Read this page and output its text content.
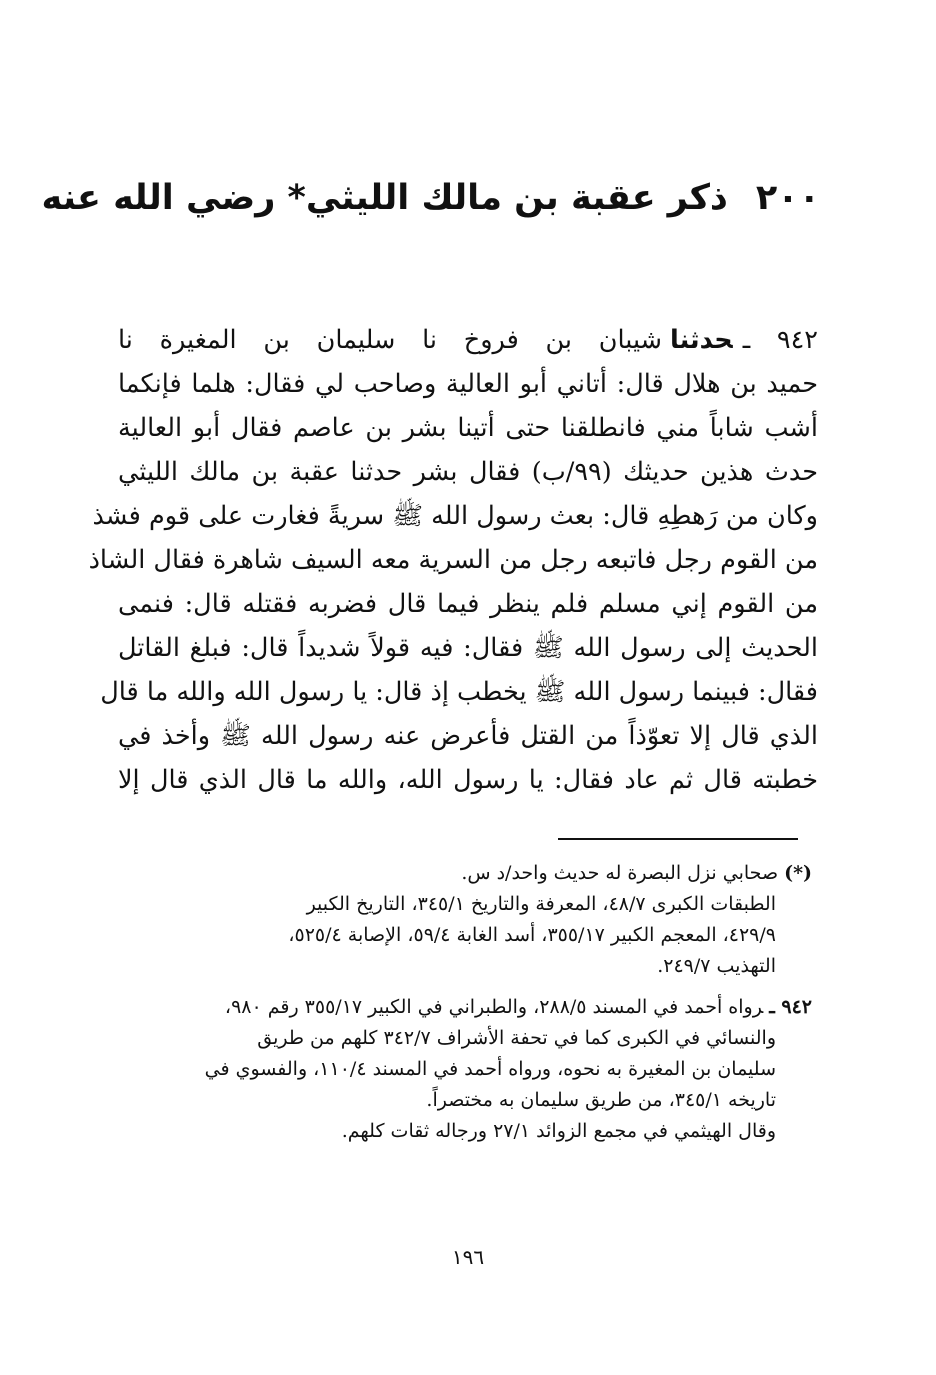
٢٠٠ذكر عقبة بن مالك الليثي* رضي الله عنه
٩٤٢ ـحدثناشيبان بن فروخ نا سليمان بن المغيرة نا
حميد بن هلال قال: أتاني أبو العالية وصاحب لي فقال: هلما فإنكما
أشب شاباً مني فانطلقنا حتى أتينا بشر بن عاصم فقال أبو العالية
حدث هذين حديثك (٩٩/ب) فقال بشر حدثنا عقبة بن مالك الليثي
وكان من رَهطِهِ قال: بعث رسول الله ﷺ سريةً فغارت على قوم فشذ
من القوم رجل فاتبعه رجل من السرية معه السيف شاهرة فقال الشاذ
من القوم إني مسلم فلم ينظر فيما قال فضربه فقتله قال: فنمى
الحديث إلى رسول الله ﷺ فقال: فيه قولاً شديداً قال: فبلغ القاتل
فقال: فبينما رسول الله ﷺ يخطب إذ قال: يا رسول الله والله ما قال
الذي قال إلا تعوّذاً من القتل فأعرض عنه رسول الله ﷺ وأخذ في
خطبته قال ثم عاد فقال: يا رسول الله، والله ما قال الذي قال إلا
(*)صحابي نزل البصرة له حديث واحد/د س.
الطبقات الكبرى ٤٨/٧، المعرفة والتاريخ ٣٤٥/١، التاريخ الكبير
٤٢٩/٩، المعجم الكبير ٣٥٥/١٧، أسد الغابة ٥٩/٤، الإصابة ٥٢٥/٤،
التهذيب ٢٤٩/٧.
٩٤٢ ـرواه أحمد في المسند ٢٨٨/٥، والطبراني في الكبير ٣٥٥/١٧ رقم ٩٨٠،
والنسائي في الكبرى كما في تحفة الأشراف ٣٤٢/٧ كلهم من طريق
سليمان بن المغيرة به نحوه، ورواه أحمد في المسند ١١٠/٤، والفسوي في
تاريخه ٣٤٥/١، من طريق سليمان به مختصراً.
وقال الهيثمي في مجمع الزوائد ٢٧/١ ورجاله ثقات كلهم.
١٩٦
